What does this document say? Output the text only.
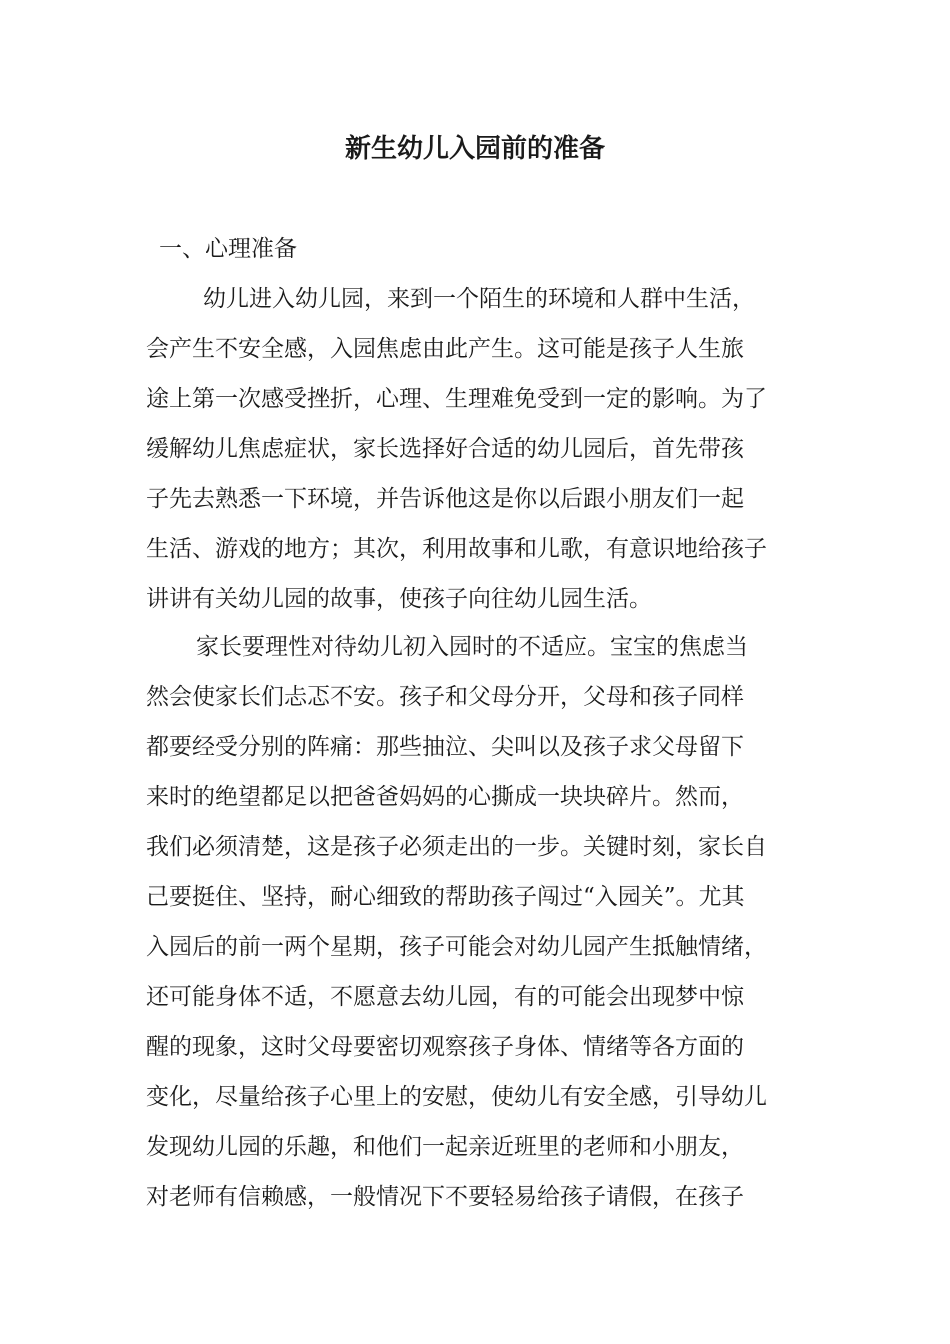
新生幼儿入园前的准备
一、心理准备
幼儿进入幼儿园，来到一个陌生的环境和人群中生活，
会产生不安全感，入园焦虑由此产生。这可能是孩子人生旅
途上第一次感受挫折，心理、生理难免受到一定的影响。为了
缓解幼儿焦虑症状，家长选择好合适的幼儿园后，首先带孩
子先去熟悉一下环境，并告诉他这是你以后跟小朋友们一起
生活、游戏的地方；其次，利用故事和儿歌，有意识地给孩子
讲讲有关幼儿园的故事，使孩子向往幼儿园生活。
家长要理性对待幼儿初入园时的不适应。宝宝的焦虑当
然会使家长们忐忑不安。孩子和父母分开，父母和孩子同样
都要经受分别的阵痛：那些抽泣、尖叫以及孩子求父母留下
来时的绝望都足以把爸爸妈妈的心撕成一块块碎片。然而，
我们必须清楚，这是孩子必须走出的一步。关键时刻，家长自
己要挺住、坚持，耐心细致的帮助孩子闯过“入园关”。尤其
入园后的前一两个星期，孩子可能会对幼儿园产生抵触情绪，
还可能身体不适，不愿意去幼儿园，有的可能会出现梦中惊
醒的现象，这时父母要密切观察孩子身体、情绪等各方面的
变化，尽量给孩子心里上的安慰，使幼儿有安全感，引导幼儿
发现幼儿园的乐趣，和他们一起亲近班里的老师和小朋友，
对老师有信赖感，一般情况下不要轻易给孩子请假，在孩子
